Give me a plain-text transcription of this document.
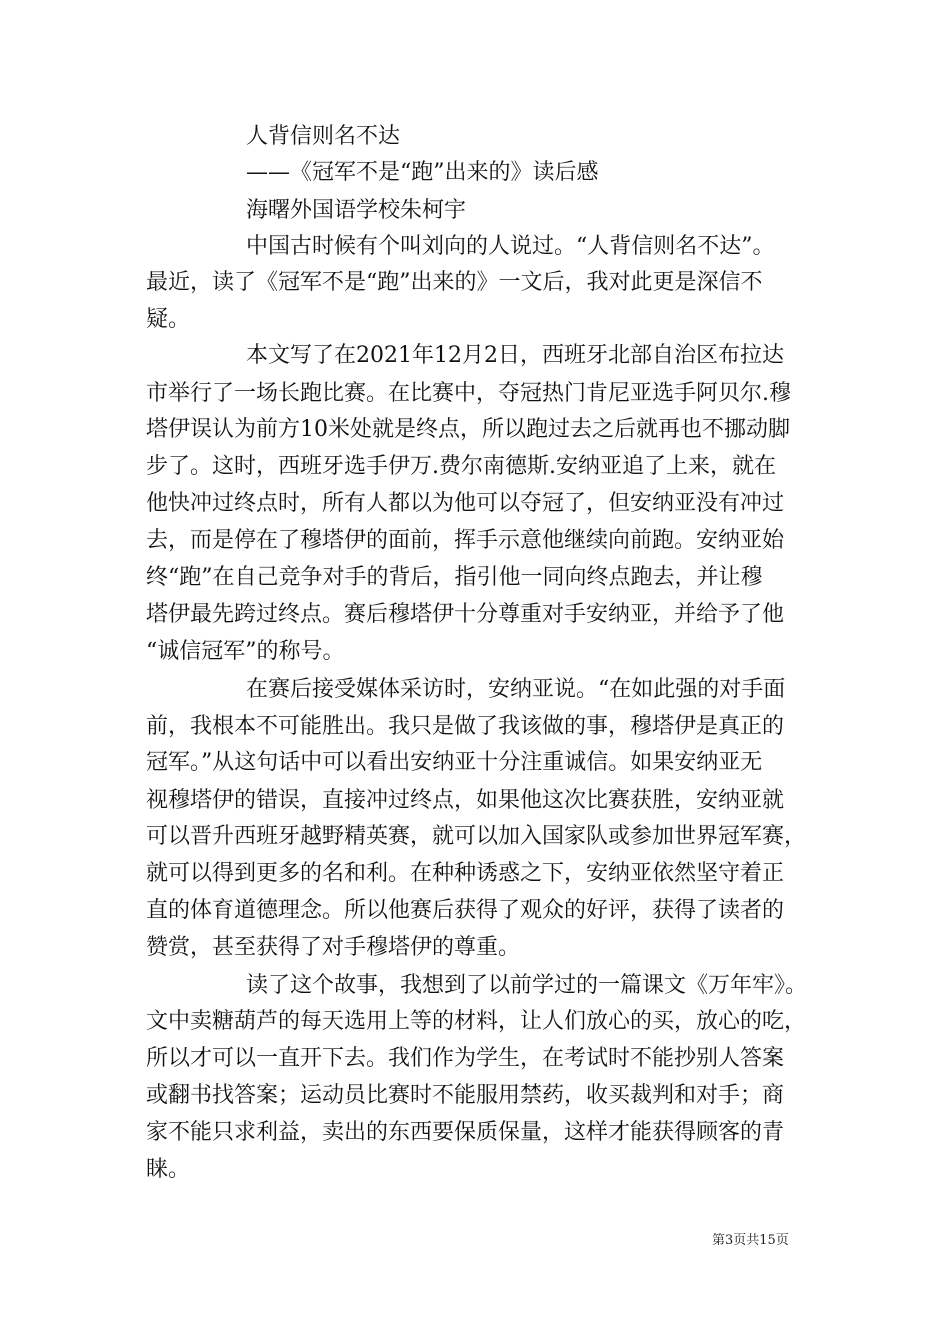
人背信则名不达
——《冠军不是“跑”出来的》读后感
海曙外国语学校朱柯宇
中国古时候有个叫刘向的人说过。“人背信则名不达”。
最近，读了《冠军不是“跑”出来的》一文后，我对此更是深信不
疑。
本文写了在2021年12月2日，西班牙北部自治区布拉达
市举行了一场长跑比赛。在比赛中，夺冠热门肯尼亚选手阿贝尔.穆
塔伊误认为前方10米处就是终点，所以跑过去之后就再也不挪动脚
步了。这时，西班牙选手伊万.费尔南德斯.安纳亚追了上来，就在
他快冲过终点时，所有人都以为他可以夺冠了，但安纳亚没有冲过
去，而是停在了穆塔伊的面前，挥手示意他继续向前跑。安纳亚始
终“跑”在自己竞争对手的背后，指引他一同向终点跑去，并让穆
塔伊最先跨过终点。赛后穆塔伊十分尊重对手安纳亚，并给予了他
“诚信冠军”的称号。
在赛后接受媒体采访时，安纳亚说。“在如此强的对手面
前，我根本不可能胜出。我只是做了我该做的事，穆塔伊是真正的
冠军。”从这句话中可以看出安纳亚十分注重诚信。如果安纳亚无
视穆塔伊的错误，直接冲过终点，如果他这次比赛获胜，安纳亚就
可以晋升西班牙越野精英赛，就可以加入国家队或参加世界冠军赛，
就可以得到更多的名和利。在种种诱惑之下，安纳亚依然坚守着正
直的体育道德理念。所以他赛后获得了观众的好评，获得了读者的
赞赏，甚至获得了对手穆塔伊的尊重。
读了这个故事，我想到了以前学过的一篇课文《万年牢》。
文中卖糖葫芦的每天选用上等的材料，让人们放心的买，放心的吃，
所以才可以一直开下去。我们作为学生，在考试时不能抄别人答案
或翻书找答案；运动员比赛时不能服用禁药，收买裁判和对手；商
家不能只求利益，卖出的东西要保质保量，这样才能获得顾客的青
睐。
第3页共15页
